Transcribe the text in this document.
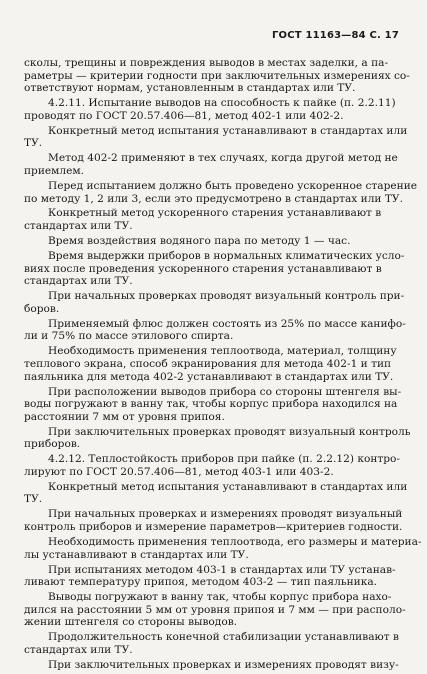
ГОСТ 11163—84 С. 17

сколы, трещины и повреждения выводов в местах заделки, а па-
раметры — критерии годности при заключительных измерениях со-
ответствуют нормам, установленным в стандартах или ТУ.

4.2.11. Испытание выводов на способность к пайке (п. 2.2.11)
проводят по ГОСТ 20.57.406—81, метод 402-1 или 402-2.

Конкретный метод испытания устанавливают в стандартах или
ТУ.

Метод 402-2 применяют в тех случаях, когда другой метод не
приемлем.

Перед испытанием должно быть проведено ускоренное старение
по методу 1, 2 или 3, если это предусмотрено в стандартах или ТУ.

Конкретный метод ускоренного старения устанавливают в
стандартах или ТУ.

Время воздействия водяного пара по методу 1 — час.

Время выдержки приборов в нормальных климатических усло-
виях после проведения ускоренного старения устанавливают в
стандартах или ТУ.

При начальных проверках проводят визуальный контроль при-
боров.

Применяемый флюс должен состоять из 25% по массе канифо-
ли и 75% по массе этилового спирта.

Необходимость применения теплоотвода, материал, толщину
теплового экрана, способ экранирования для метода 402-1 и тип
паяльника для метода 402-2 устанавливают в стандартах или ТУ.

При расположении выводов прибора со стороны штенгеля вы-
воды погружают в ванну так, чтобы корпус прибора находился на
расстоянии 7 мм от уровня припоя.

При заключительных проверках проводят визуальный контроль
приборов.

4.2.12. Теплостойкость приборов при пайке (п. 2.2.12) контро-
лируют по ГОСТ 20.57.406—81, метод 403-1 или 403-2.

Конкретный метод испытания устанавливают в стандартах или
ТУ.

При начальных проверках и измерениях проводят визуальный
контроль приборов и измерение параметров—критериев годности.

Необходимость применения теплоотвода, его размеры и материа-
лы устанавливают в стандартах или ТУ.

При испытаниях методом 403-1 в стандартах или ТУ устанав-
ливают температуру припоя, методом 403-2 — тип паяльника.

Выводы погружают в ванну так, чтобы корпус прибора нахо-
дился на расстоянии 5 мм от уровня припоя и 7 мм — при располо-
жении штенгеля со стороны выводов.

Продолжительность конечной стабилизации устанавливают в
стандартах или ТУ.

При заключительных проверках и измерениях проводят визу-
